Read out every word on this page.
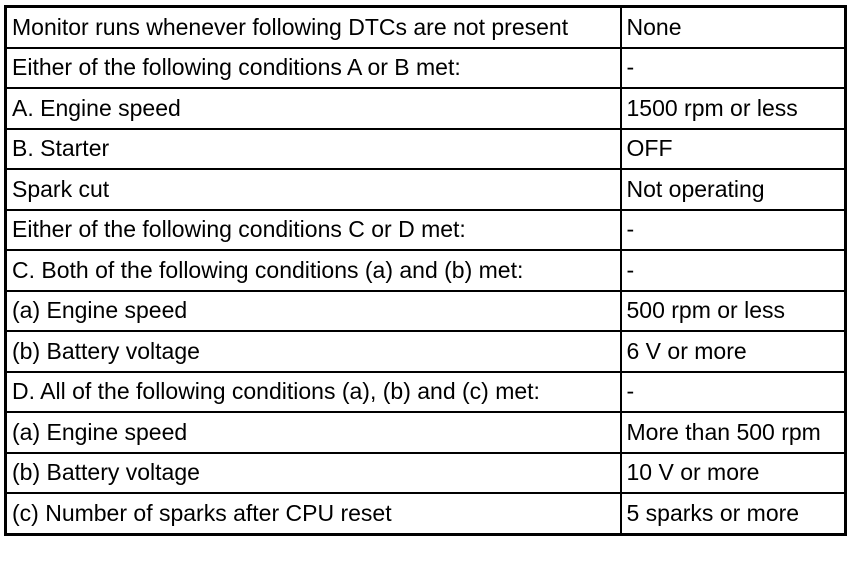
Monitor runs whenever following DTCs are not present	None
Either of the following conditions A or B met:	-
A. Engine speed	1500 rpm or less
B. Starter	OFF
Spark cut	Not operating
Either of the following conditions C or D met:	-
C. Both of the following conditions (a) and (b) met:	-
(a) Engine speed	500 rpm or less
(b) Battery voltage	6 V or more
D. All of the following conditions (a), (b) and (c) met:	-
(a) Engine speed	More than 500 rpm
(b) Battery voltage	10 V or more
(c) Number of sparks after CPU reset	5 sparks or more
